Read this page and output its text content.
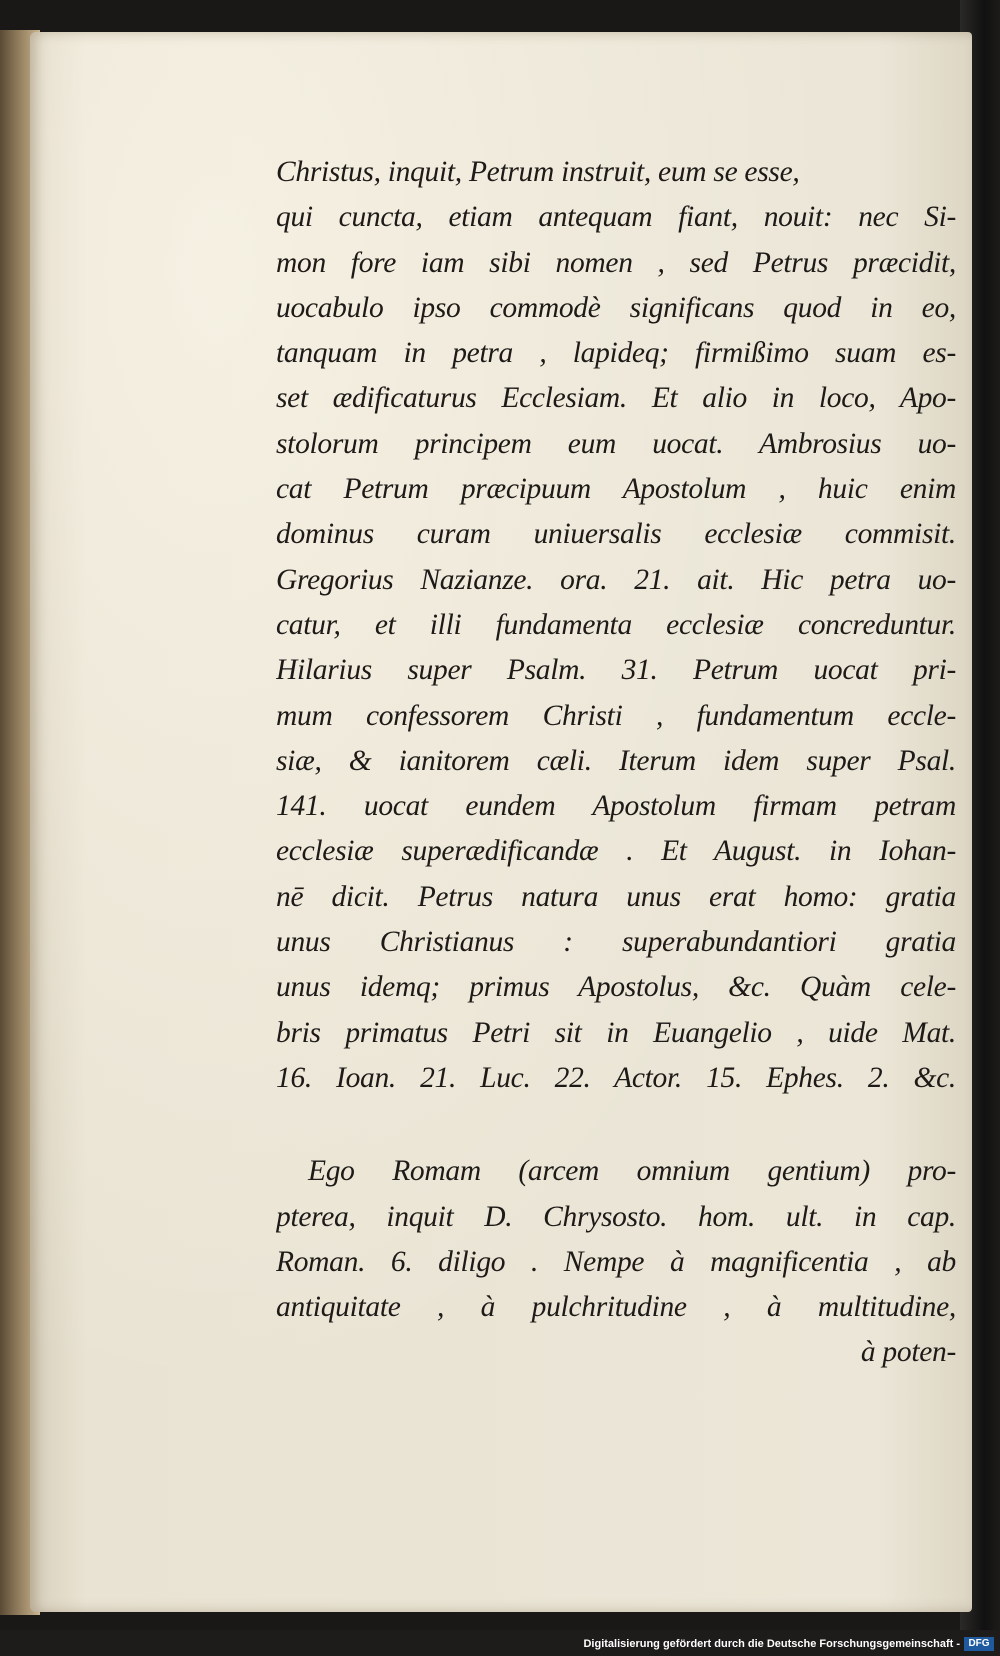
Christus, inquit, Petrum instruit, eum se esse,
qui cuncta, etiam antequam fiant, nouit: nec Si-
mon fore iam sibi nomen , sed Petrus præcidit,
uocabulo ipso commodè significans quod in eo,
tanquam in petra , lapideq; firmißimo suam es-
set ædificaturus Ecclesiam. Et alio in loco, Apo-
stolorum principem eum uocat. Ambrosius uo-
cat Petrum præcipuum Apostolum , huic enim
dominus curam uniuersalis ecclesiæ commisit.
Gregorius Nazianze. ora. 21. ait. Hic petra uo-
catur, et illi fundamenta ecclesiæ concreduntur.
Hilarius super Psalm. 31. Petrum uocat pri-
mum confessorem Christi , fundamentum eccle-
siæ, & ianitorem cæli. Iterum idem super Psal.
141. uocat eundem Apostolum firmam petram
ecclesiæ superædificandæ . Et August. in Iohan-
nē dicit. Petrus natura unus erat homo: gratia
unus Christianus : superabundantiori gratia
unus idemq; primus Apostolus, &c. Quàm cele-
bris primatus Petri sit in Euangelio , uide Mat.
16. Ioan. 21. Luc. 22. Actor. 15. Ephes. 2. &c.
Ego Romam (arcem omnium gentium) pro-
pterea, inquit D. Chrysosto. hom. ult. in cap.
Roman. 6. diligo . Nempe à magnificentia , ab
antiquitate , à pulchritudine , à multitudine,
à poten-
Digitalisierung gefördert durch die Deutsche Forschungsgemeinschaft - DFG
